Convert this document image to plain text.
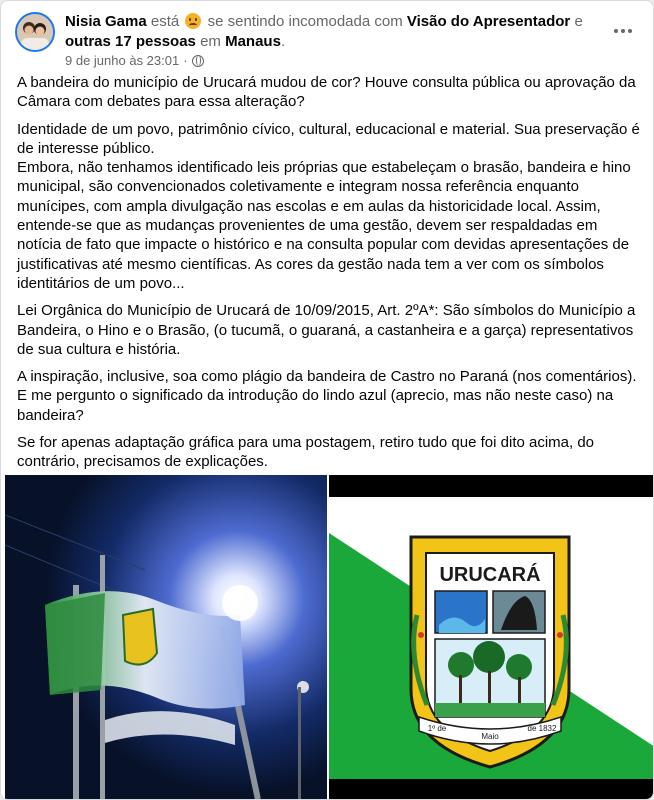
Nisia Gama está se sentindo incomodada com Visão do Apresentador e outras 17 pessoas em Manaus.
9 de junho às 23:01 ·

A bandeira do município de Urucará mudou de cor? Houve consulta pública ou aprovação da Câmara com debates para essa alteração?

Identidade de um povo, patrimônio cívico, cultural, educacional e material. Sua preservação é de interesse público.
Embora, não tenhamos identificado leis próprias que estabeleçam o brasão, bandeira e hino municipal, são convencionados coletivamente e integram nossa referência enquanto munícipes, com ampla divulgação nas escolas e em aulas da historicidade local. Assim, entende-se que as mudanças provenientes de uma gestão, devem ser respaldadas em notícia de fato que impacte o histórico e na consulta popular com devidas apresentações de justificativas até mesmo científicas. As cores da gestão nada tem a ver com os símbolos identitários de um povo...

Lei Orgânica do Município de Urucará de 10/09/2015, Art. 2ºA*: São símbolos do Município a Bandeira, o Hino e o Brasão, (o tucumã, o guaraná, a castanheira e a garça) representativos de sua cultura e história.

A inspiração, inclusive, soa como plágio da bandeira de Castro no Paraná (nos comentários). E me pergunto o significado da introdução do lindo azul (aprecio, mas não neste caso) na bandeira?

Se for apenas adaptação gráfica para uma postagem, retiro tudo que foi dito acima, do contrário, precisamos de explicações.

URUCARÁ
1º de
Maio
de 1832
